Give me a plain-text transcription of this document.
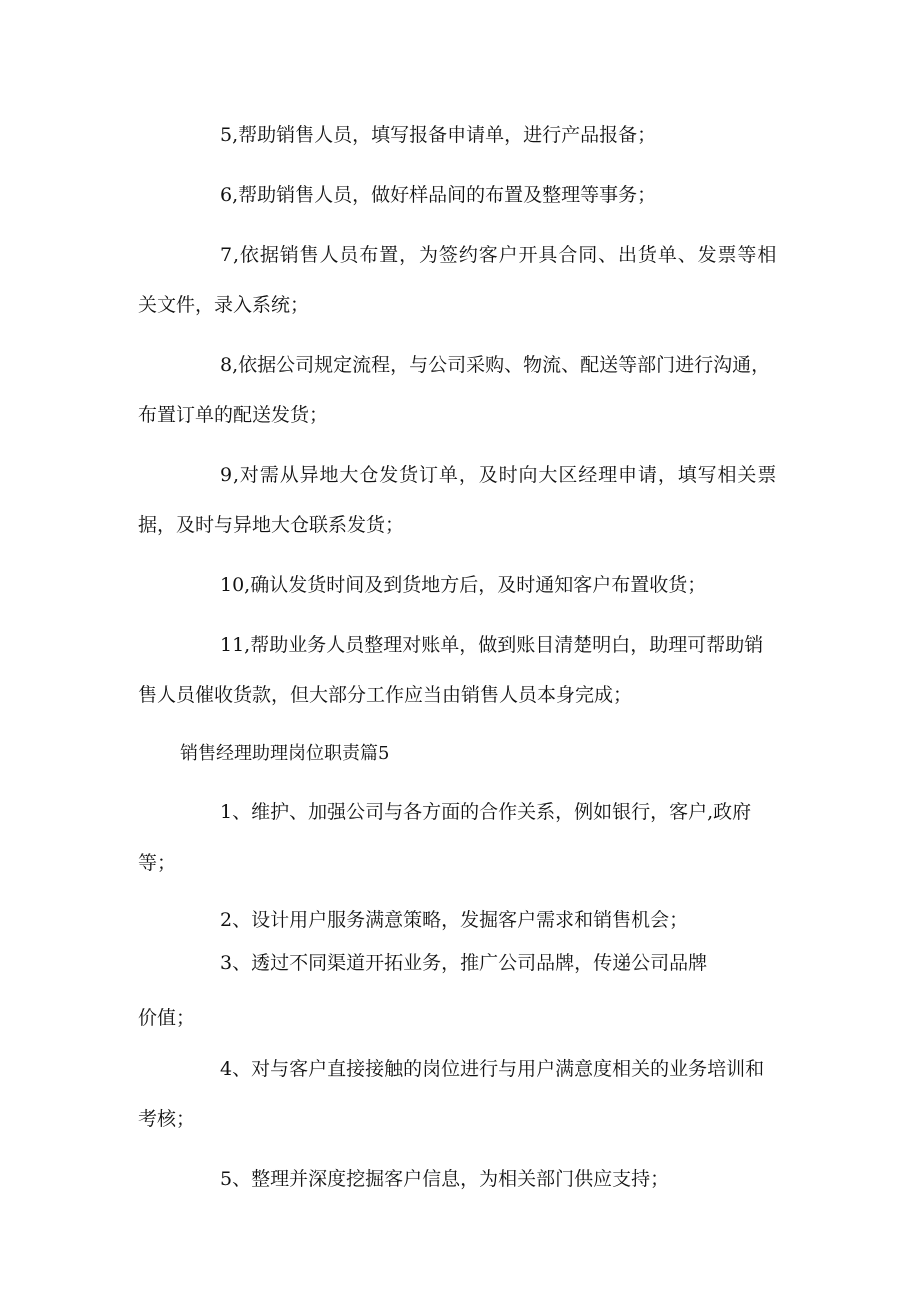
5,帮助销售人员，填写报备申请单，进行产品报备；
6,帮助销售人员，做好样品间的布置及整理等事务；
7,依据销售人员布置，为签约客户开具合同、出货单、发票等相
关文件，录入系统；
8,依据公司规定流程，与公司采购、物流、配送等部门进行沟通，
布置订单的配送发货；
9,对需从异地大仓发货订单，及时向大区经理申请，填写相关票
据，及时与异地大仓联系发货；
10,确认发货时间及到货地方后，及时通知客户布置收货；
11,帮助业务人员整理对账单，做到账目清楚明白，助理可帮助销
售人员催收货款，但大部分工作应当由销售人员本身完成；
销售经理助理岗位职责篇5
1、维护、加强公司与各方面的合作关系，例如银行，客户,政府
等；
2、设计用户服务满意策略，发掘客户需求和销售机会；
3、透过不同渠道开拓业务，推广公司品牌，传递公司品牌
价值；
4、对与客户直接接触的岗位进行与用户满意度相关的业务培训和
考核；
5、整理并深度挖掘客户信息，为相关部门供应支持；
